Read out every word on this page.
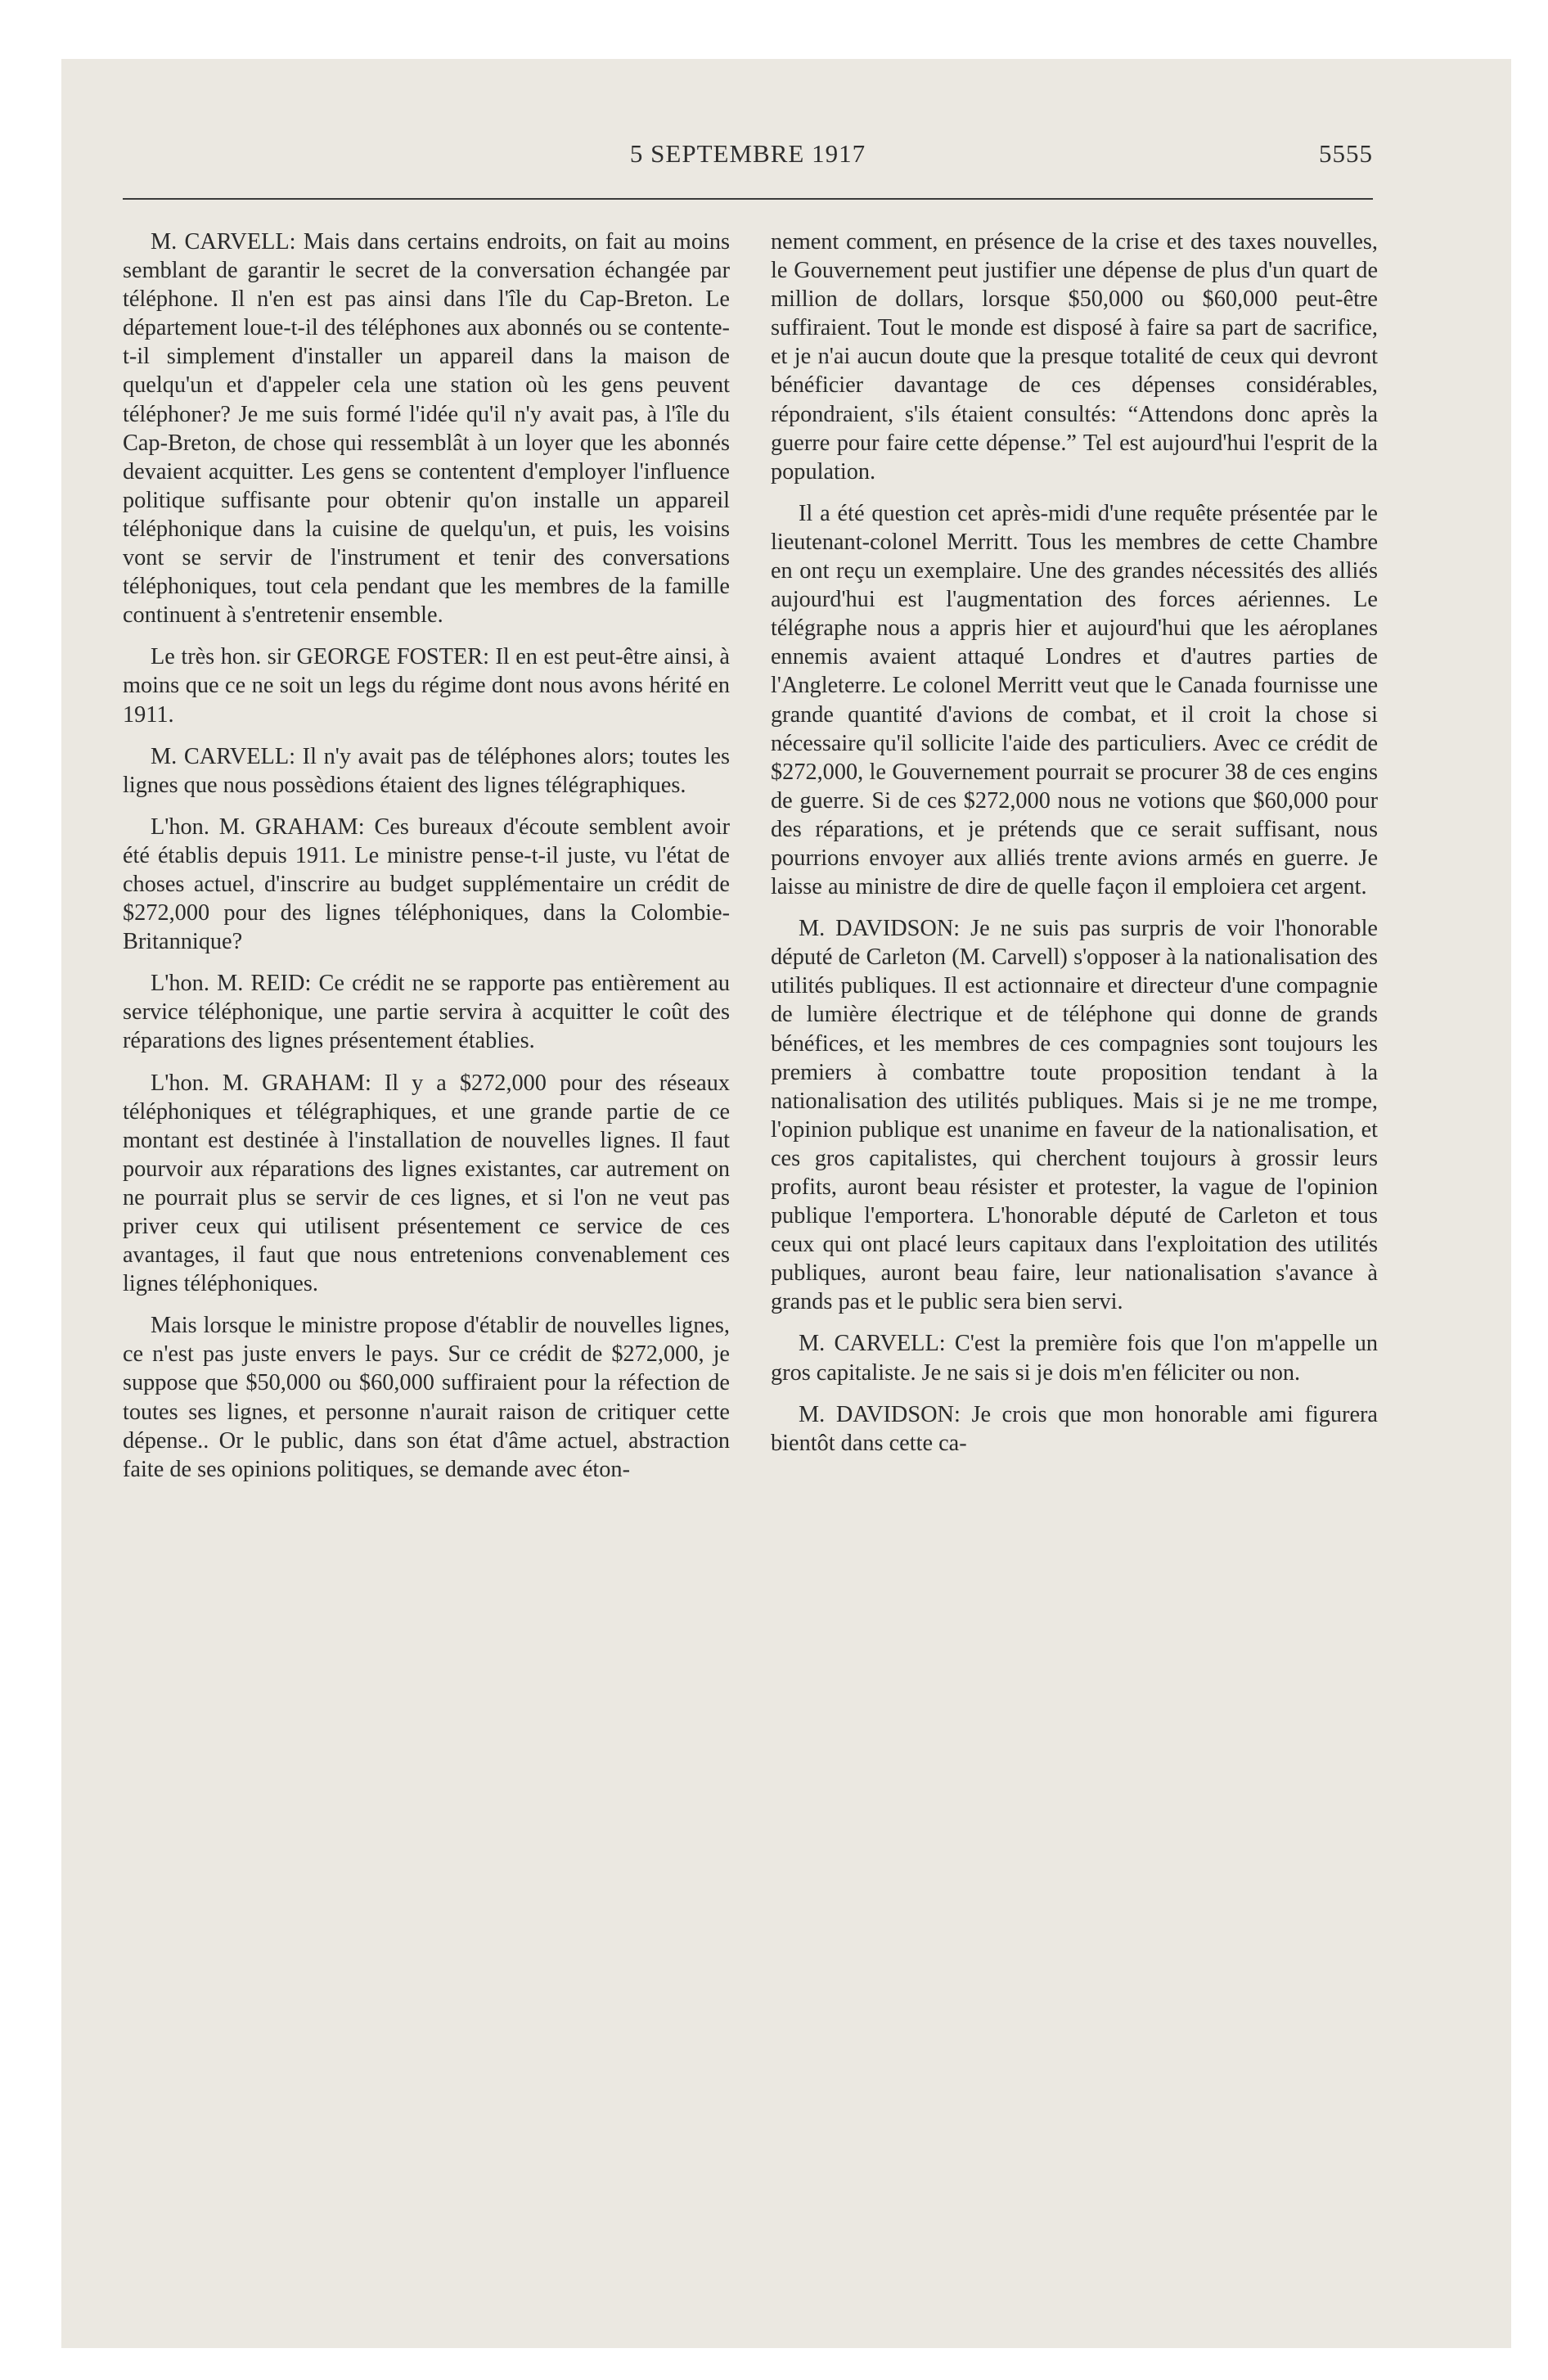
5 SEPTEMBRE 1917	5555

M. CARVELL: Mais dans certains endroits, on fait au moins semblant de garantir le secret de la conversation échangée par téléphone. Il n'en est pas ainsi dans l'île du Cap-Breton. Le département loue-t-il des téléphones aux abonnés ou se contente-t-il simplement d'installer un appareil dans la maison de quelqu'un et d'appeler cela une station où les gens peuvent téléphoner? Je me suis formé l'idée qu'il n'y avait pas, à l'île du Cap-Breton, de chose qui ressemblât à un loyer que les abonnés devaient acquitter. Les gens se contentent d'employer l'influence politique suffisante pour obtenir qu'on installe un appareil téléphonique dans la cuisine de quelqu'un, et puis, les voisins vont se servir de l'instrument et tenir des conversations téléphoniques, tout cela pendant que les membres de la famille continuent à s'entretenir ensemble.

Le très hon. sir GEORGE FOSTER: Il en est peut-être ainsi, à moins que ce ne soit un legs du régime dont nous avons hérité en 1911.

M. CARVELL: Il n'y avait pas de téléphones alors; toutes les lignes que nous possèdions étaient des lignes télégraphiques.

L'hon. M. GRAHAM: Ces bureaux d'écoute semblent avoir été établis depuis 1911. Le ministre pense-t-il juste, vu l'état de choses actuel, d'inscrire au budget supplémentaire un crédit de $272,000 pour des lignes téléphoniques, dans la Colombie-Britannique?

L'hon. M. REID: Ce crédit ne se rapporte pas entièrement au service téléphonique, une partie servira à acquitter le coût des réparations des lignes présentement établies.

L'hon. M. GRAHAM: Il y a $272,000 pour des réseaux téléphoniques et télégraphiques, et une grande partie de ce montant est destinée à l'installation de nouvelles lignes. Il faut pourvoir aux réparations des lignes existantes, car autrement on ne pourrait plus se servir de ces lignes, et si l'on ne veut pas priver ceux qui utilisent présentement ce service de ces avantages, il faut que nous entretenions convenablement ces lignes téléphoniques.

Mais lorsque le ministre propose d'établir de nouvelles lignes, ce n'est pas juste envers le pays. Sur ce crédit de $272,000, je suppose que $50,000 ou $60,000 suffiraient pour la réfection de toutes ses lignes, et personne n'aurait raison de critiquer cette dépense.. Or le public, dans son état d'âme actuel, abstraction faite de ses opinions politiques, se demande avec éton-

nement comment, en présence de la crise et des taxes nouvelles, le Gouvernement peut justifier une dépense de plus d'un quart de million de dollars, lorsque $50,000 ou $60,000 peut-être suffiraient. Tout le monde est disposé à faire sa part de sacrifice, et je n'ai aucun doute que la presque totalité de ceux qui devront bénéficier davantage de ces dépenses considérables, répondraient, s'ils étaient consultés: “Attendons donc après la guerre pour faire cette dépense.” Tel est aujourd'hui l'esprit de la population.

Il a été question cet après-midi d'une requête présentée par le lieutenant-colonel Merritt. Tous les membres de cette Chambre en ont reçu un exemplaire. Une des grandes nécessités des alliés aujourd'hui est l'augmentation des forces aériennes. Le télégraphe nous a appris hier et aujourd'hui que les aéroplanes ennemis avaient attaqué Londres et d'autres parties de l'Angleterre. Le colonel Merritt veut que le Canada fournisse une grande quantité d'avions de combat, et il croit la chose si nécessaire qu'il sollicite l'aide des particuliers. Avec ce crédit de $272,000, le Gouvernement pourrait se procurer 38 de ces engins de guerre. Si de ces $272,000 nous ne votions que $60,000 pour des réparations, et je prétends que ce serait suffisant, nous pourrions envoyer aux alliés trente avions armés en guerre. Je laisse au ministre de dire de quelle façon il emploiera cet argent.

M. DAVIDSON: Je ne suis pas surpris de voir l'honorable député de Carleton (M. Carvell) s'opposer à la nationalisation des utilités publiques. Il est actionnaire et directeur d'une compagnie de lumière électrique et de téléphone qui donne de grands bénéfices, et les membres de ces compagnies sont toujours les premiers à combattre toute proposition tendant à la nationalisation des utilités publiques. Mais si je ne me trompe, l'opinion publique est unanime en faveur de la nationalisation, et ces gros capitalistes, qui cherchent toujours à grossir leurs profits, auront beau résister et protester, la vague de l'opinion publique l'emportera. L'honorable député de Carleton et tous ceux qui ont placé leurs capitaux dans l'exploitation des utilités publiques, auront beau faire, leur nationalisation s'avance à grands pas et le public sera bien servi.

M. CARVELL: C'est la première fois que l'on m'appelle un gros capitaliste. Je ne sais si je dois m'en féliciter ou non.

M. DAVIDSON: Je crois que mon honorable ami figurera bientôt dans cette ca-
